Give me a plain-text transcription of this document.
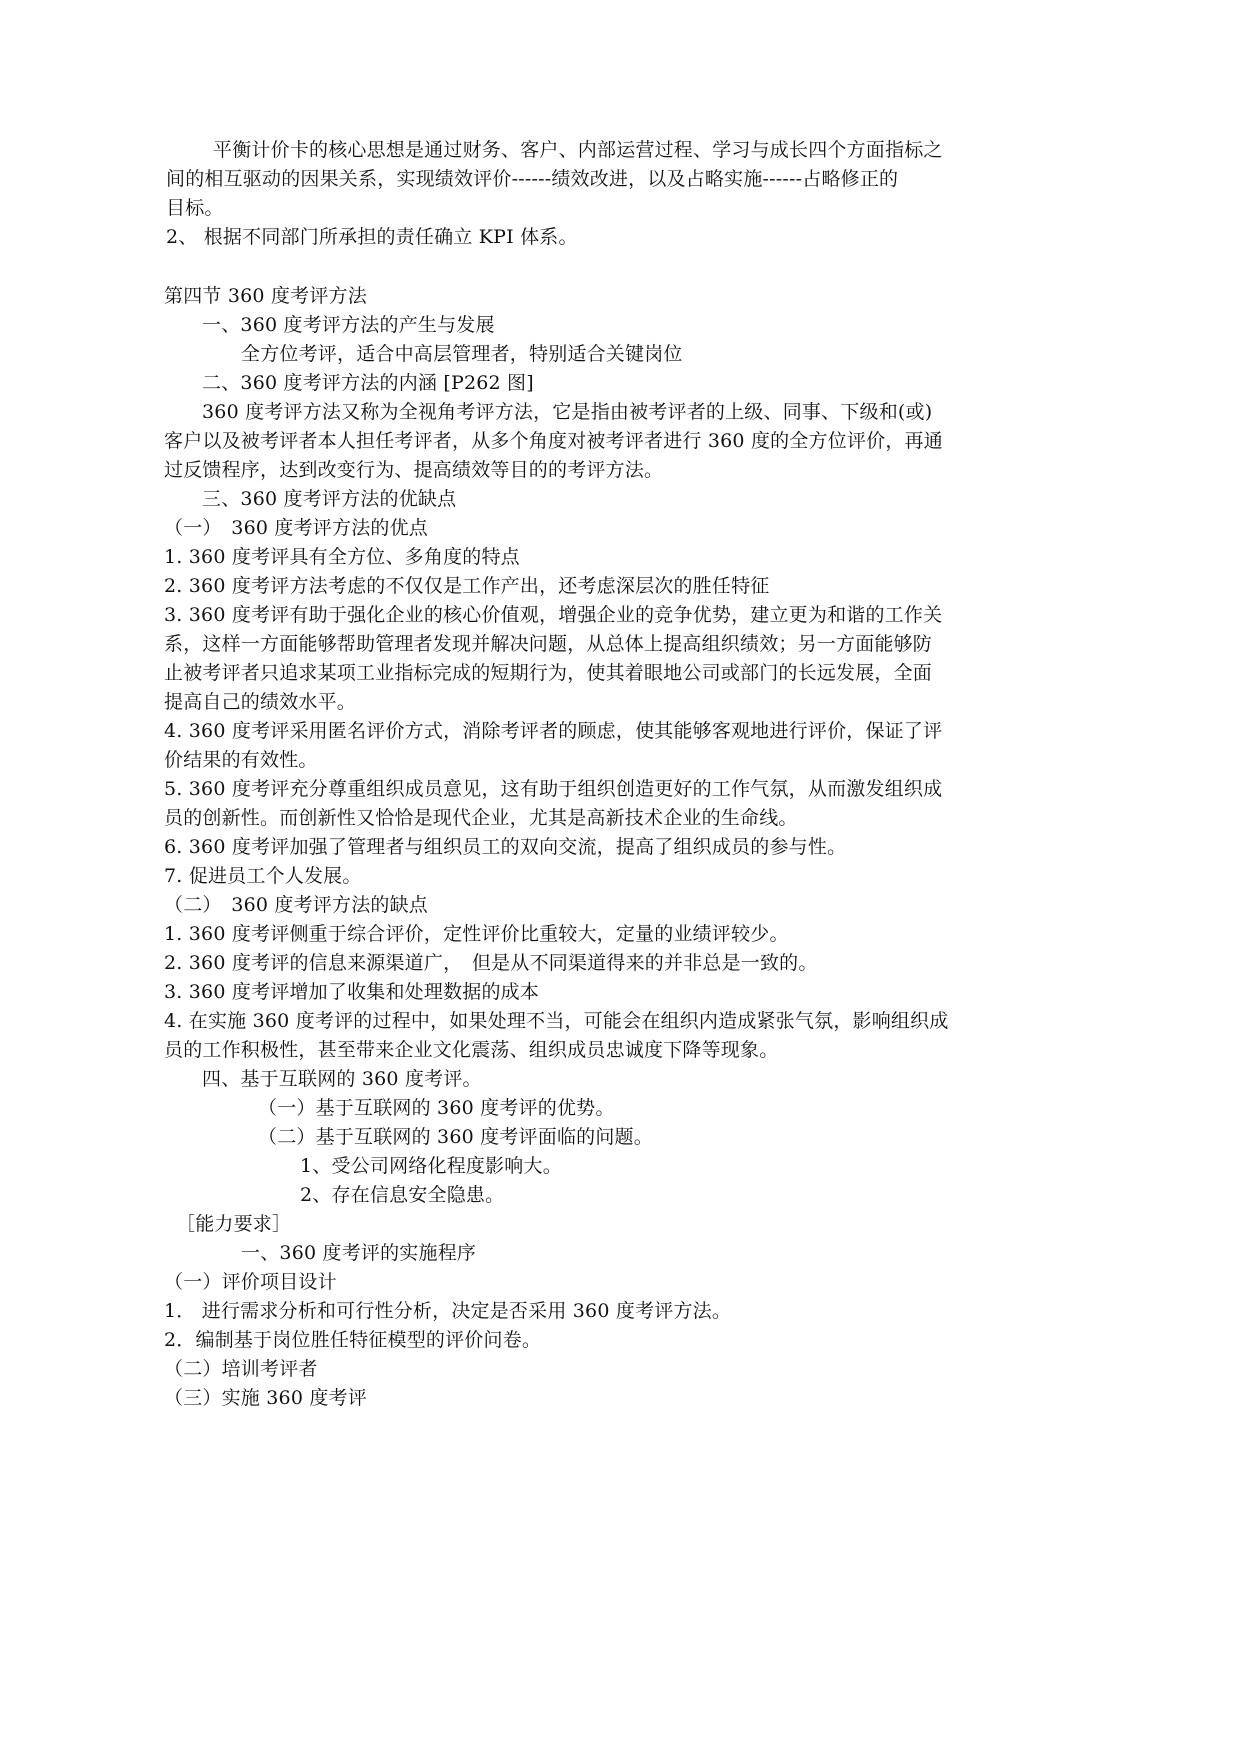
平衡计价卡的核心思想是通过财务、客户、内部运营过程、学习与成长四个方面指标之
间的相互驱动的因果关系，实现绩效评价------绩效改进，以及占略实施------占略修正的
目标。
2、 根据不同部门所承担的责任确立 KPI 体系。
第四节 360 度考评方法
一、360 度考评方法的产生与发展
全方位考评，适合中高层管理者，特别适合关键岗位
二、360 度考评方法的内涵 [P262 图]
360 度考评方法又称为全视角考评方法，它是指由被考评者的上级、同事、下级和(或)
客户以及被考评者本人担任考评者，从多个角度对被考评者进行 360 度的全方位评价，再通
过反馈程序，达到改变行为、提高绩效等目的的考评方法。
三、360 度考评方法的优缺点
（一）　360 度考评方法的优点
1. 360 度考评具有全方位、多角度的特点
2. 360 度考评方法考虑的不仅仅是工作产出，还考虑深层次的胜任特征
3. 360 度考评有助于强化企业的核心价值观，增强企业的竞争优势，建立更为和谐的工作关
系，这样一方面能够帮助管理者发现并解决问题，从总体上提高组织绩效；另一方面能够防
止被考评者只追求某项工业指标完成的短期行为，使其着眼地公司或部门的长远发展，全面
提高自己的绩效水平。
4. 360 度考评采用匿名评价方式，消除考评者的顾虑，使其能够客观地进行评价，保证了评
价结果的有效性。
5. 360 度考评充分尊重组织成员意见，这有助于组织创造更好的工作气氛，从而激发组织成
员的创新性。而创新性又恰恰是现代企业，尤其是高新技术企业的生命线。
6. 360 度考评加强了管理者与组织员工的双向交流，提高了组织成员的参与性。
7. 促进员工个人发展。
（二）　360 度考评方法的缺点
1. 360 度考评侧重于综合评价，定性评价比重较大，定量的业绩评较少。
2. 360 度考评的信息来源渠道广，　但是从不同渠道得来的并非总是一致的。
3. 360 度考评增加了收集和处理数据的成本
4. 在实施 360 度考评的过程中，如果处理不当，可能会在组织内造成紧张气氛，影响组织成
员的工作积极性，甚至带来企业文化震荡、组织成员忠诚度下降等现象。
四、基于互联网的 360 度考评。
（一）基于互联网的 360 度考评的优势。
（二）基于互联网的 360 度考评面临的问题。
1、受公司网络化程度影响大。
2、存在信息安全隐患。
［能力要求］
一、360 度考评的实施程序
（一）评价项目设计
1． 进行需求分析和可行性分析，决定是否采用 360 度考评方法。
2．编制基于岗位胜任特征模型的评价问卷。
（二）培训考评者
（三）实施 360 度考评
